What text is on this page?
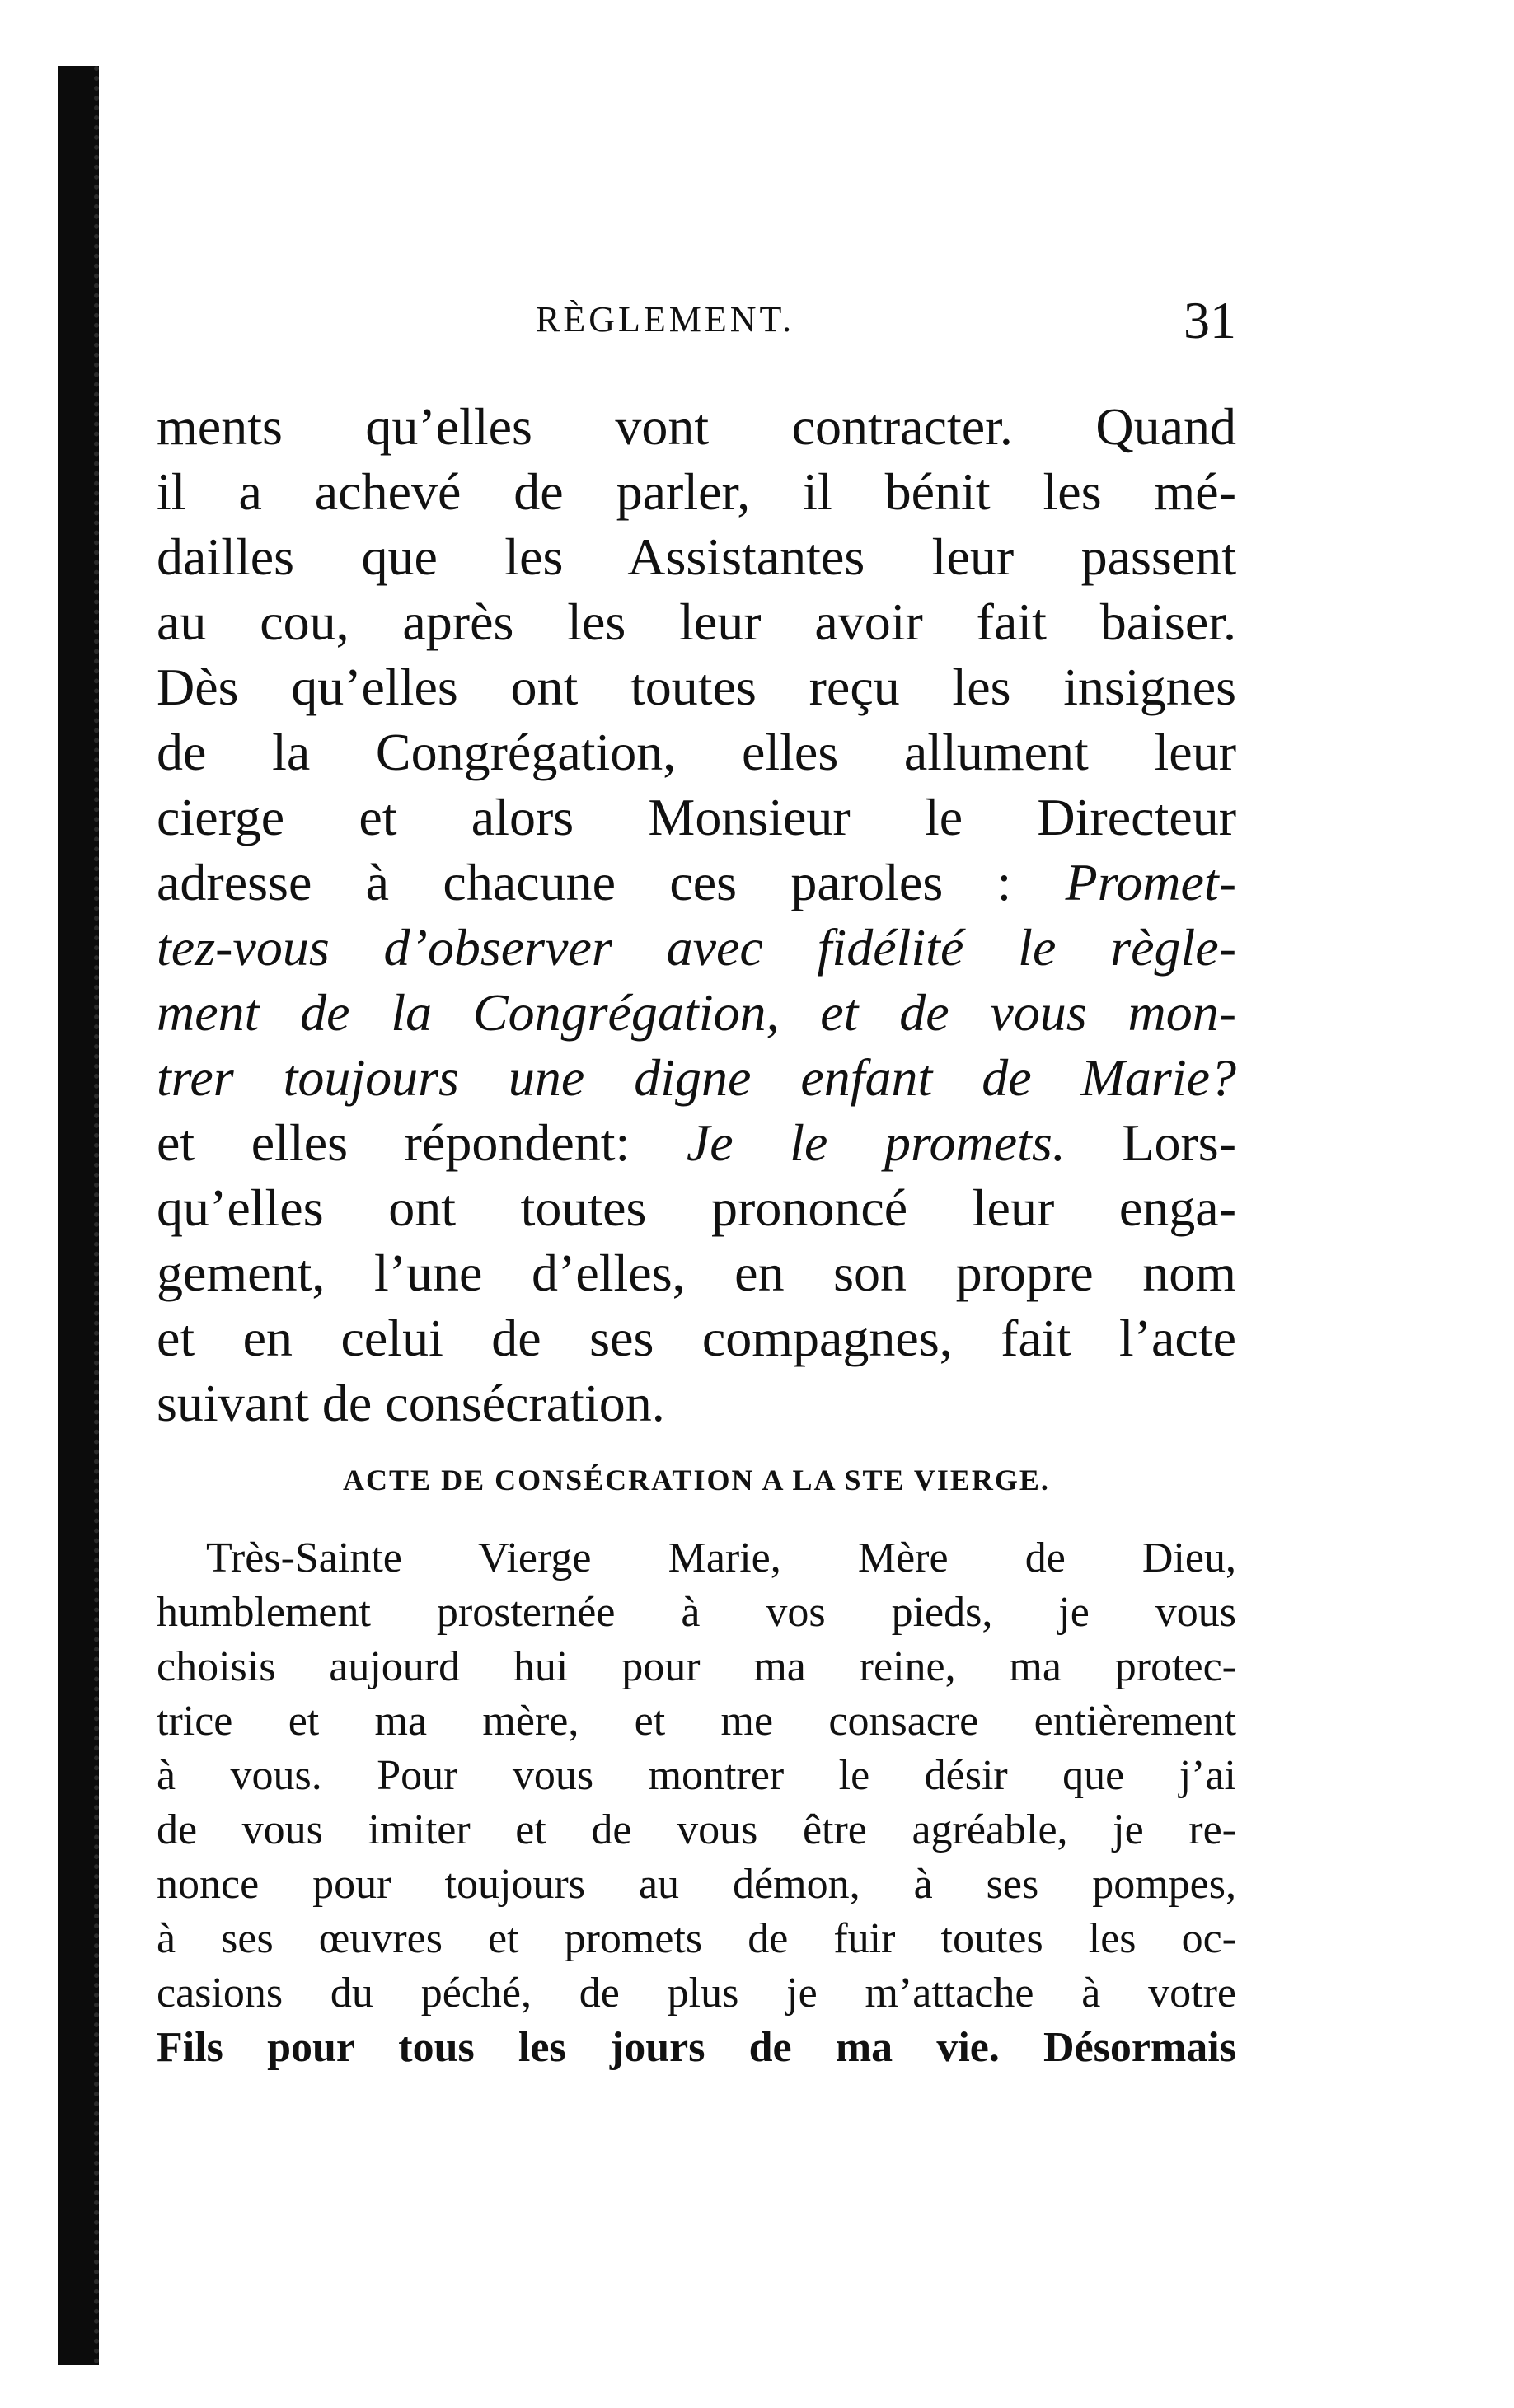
RÈGLEMENT.	31
ments qu’elles vont contracter. Quand
il a achevé de parler, il bénit les mé-
dailles que les Assistantes leur passent
au cou, après les leur avoir fait baiser.
Dès qu’elles ont toutes reçu les insignes
de la Congrégation, elles allument leur
cierge et alors Monsieur le Directeur
adresse à chacune ces paroles : Promet-
tez-vous d’observer avec fidélité le règle-
ment de la Congrégation, et de vous mon-
trer toujours une digne enfant de Marie?
et elles répondent: Je le promets. Lors-
qu’elles ont toutes prononcé leur enga-
gement, l’une d’elles, en son propre nom
et en celui de ses compagnes, fait l’acte
suivant de consécration.
ACTE DE CONSÉCRATION A LA STE VIERGE.
Très-Sainte Vierge Marie, Mère de Dieu,
humblement prosternée à vos pieds, je vous
choisis aujourd hui pour ma reine, ma protec-
trice et ma mère, et me consacre entièrement
à vous. Pour vous montrer le désir que j’ai
de vous imiter et de vous être agréable, je re-
nonce pour toujours au démon, à ses pompes,
à ses œuvres et promets de fuir toutes les oc-
casions du péché, de plus je m’attache à votre
Fils pour tous les jours de ma vie. Désormais
